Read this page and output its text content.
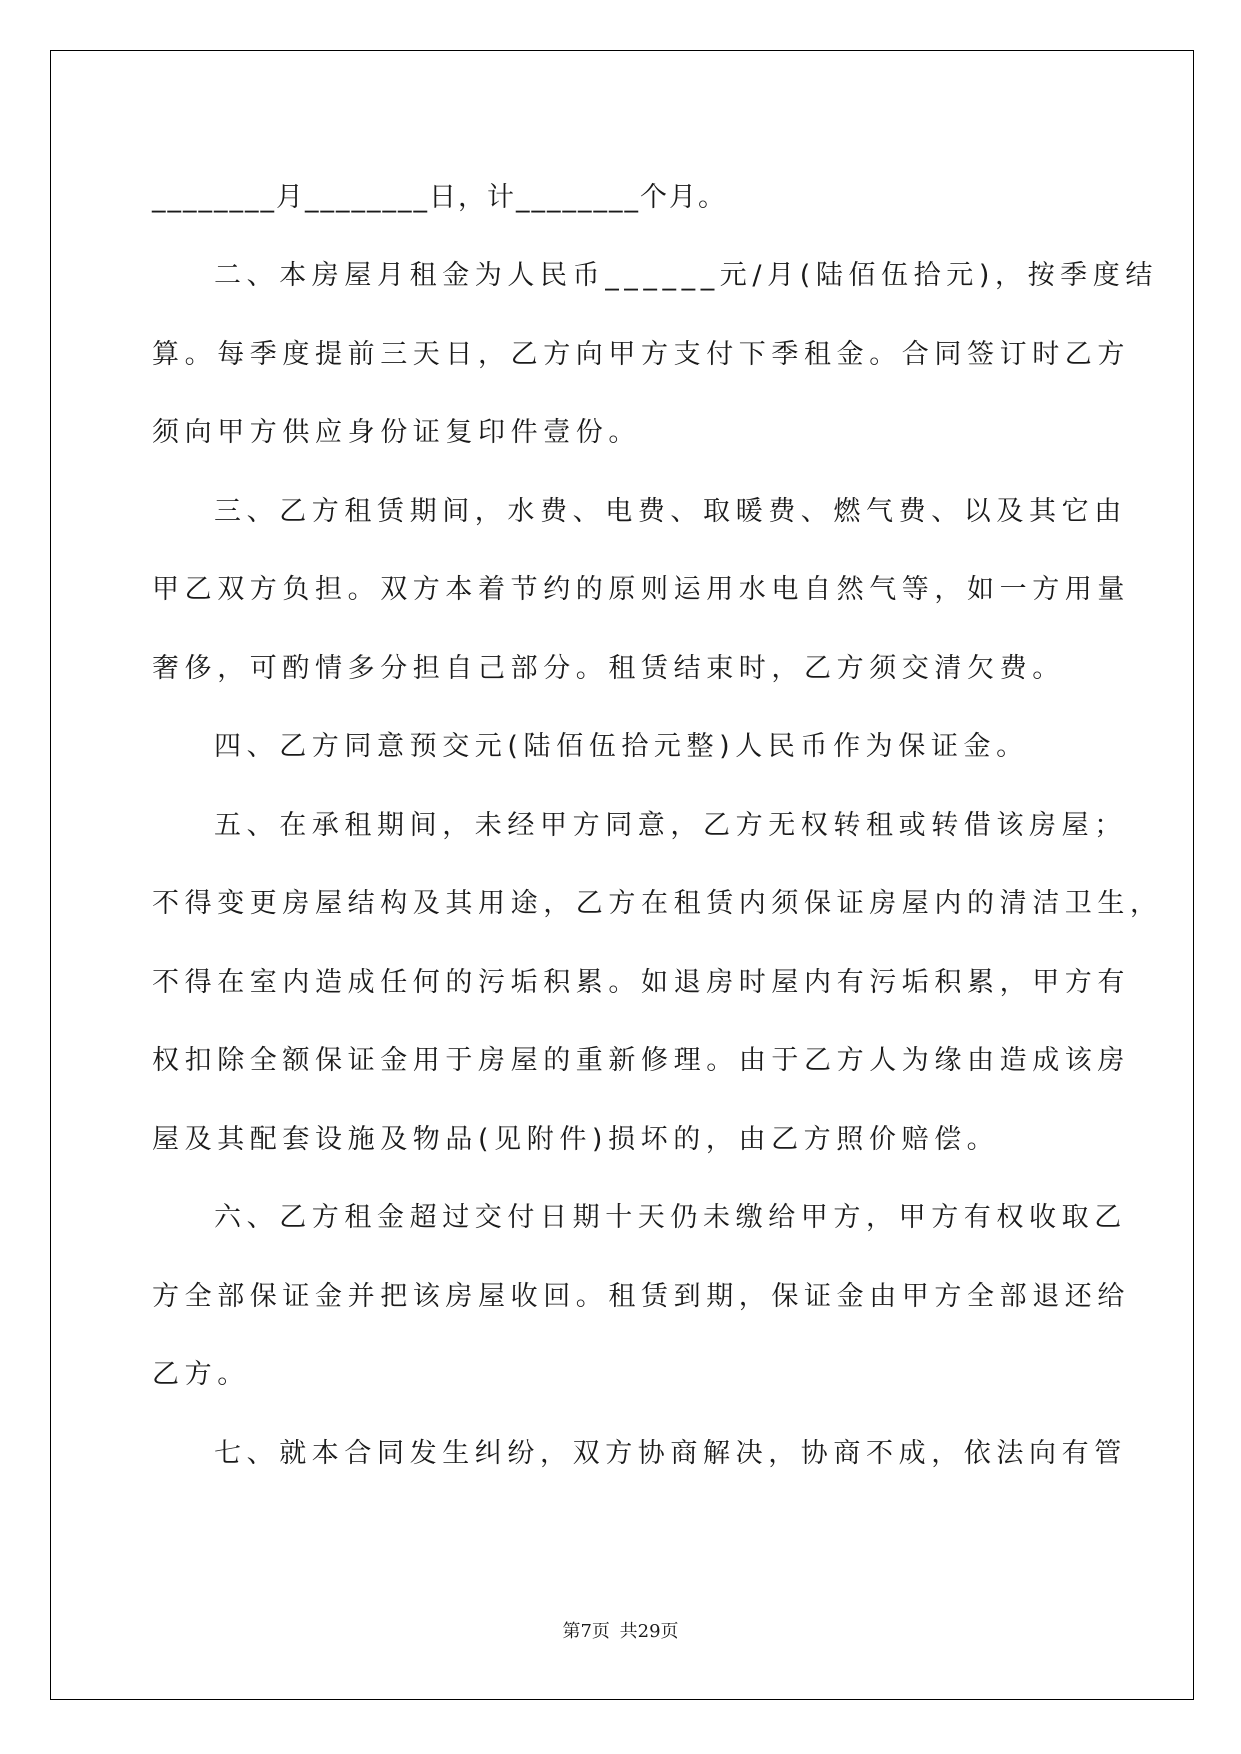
________月________日，计________个月。

二、本房屋月租金为人民币______元/月(陆佰伍拾元)，按季度结

算。每季度提前三天日，乙方向甲方支付下季租金。合同签订时乙方

须向甲方供应身份证复印件壹份。

三、乙方租赁期间，水费、电费、取暖费、燃气费、以及其它由

甲乙双方负担。双方本着节约的原则运用水电自然气等，如一方用量

奢侈，可酌情多分担自己部分。租赁结束时，乙方须交清欠费。

四、乙方同意预交元(陆佰伍拾元整)人民币作为保证金。

五、在承租期间，未经甲方同意，乙方无权转租或转借该房屋；

不得变更房屋结构及其用途，乙方在租赁内须保证房屋内的清洁卫生，

不得在室内造成任何的污垢积累。如退房时屋内有污垢积累，甲方有

权扣除全额保证金用于房屋的重新修理。由于乙方人为缘由造成该房

屋及其配套设施及物品(见附件)损坏的，由乙方照价赔偿。

六、乙方租金超过交付日期十天仍未缴给甲方，甲方有权收取乙

方全部保证金并把该房屋收回。租赁到期，保证金由甲方全部退还给

乙方。

七、就本合同发生纠纷，双方协商解决，协商不成，依法向有管

第7页 共29页
